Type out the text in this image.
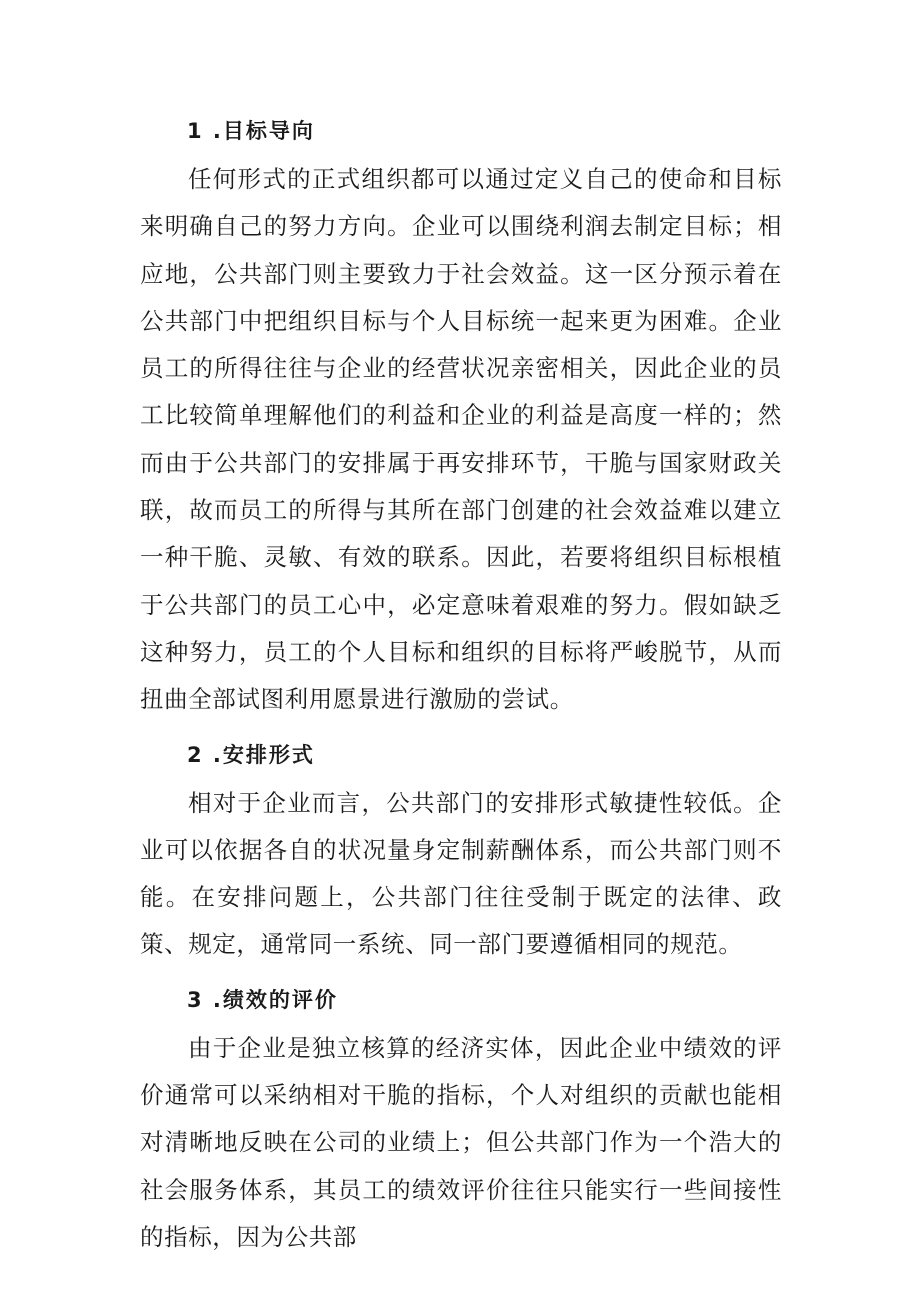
1 .目标导向

任何形式的正式组织都可以通过定义自己的使命和目标来明确自己的努力方向。企业可以围绕利润去制定目标；相应地，公共部门则主要致力于社会效益。这一区分预示着在公共部门中把组织目标与个人目标统一起来更为困难。企业员工的所得往往与企业的经营状况亲密相关，因此企业的员工比较简单理解他们的利益和企业的利益是高度一样的；然而由于公共部门的安排属于再安排环节，干脆与国家财政关联，故而员工的所得与其所在部门创建的社会效益难以建立一种干脆、灵敏、有效的联系。因此，若要将组织目标根植于公共部门的员工心中，必定意味着艰难的努力。假如缺乏这种努力，员工的个人目标和组织的目标将严峻脱节，从而扭曲全部试图利用愿景进行激励的尝试。

2 .安排形式

相对于企业而言，公共部门的安排形式敏捷性较低。企业可以依据各自的状况量身定制薪酬体系，而公共部门则不能。在安排问题上，公共部门往往受制于既定的法律、政策、规定，通常同一系统、同一部门要遵循相同的规范。

3 .绩效的评价

由于企业是独立核算的经济实体，因此企业中绩效的评价通常可以采纳相对干脆的指标，个人对组织的贡献也能相对清晰地反映在公司的业绩上；但公共部门作为一个浩大的社会服务体系，其员工的绩效评价往往只能实行一些间接性的指标，因为公共部
